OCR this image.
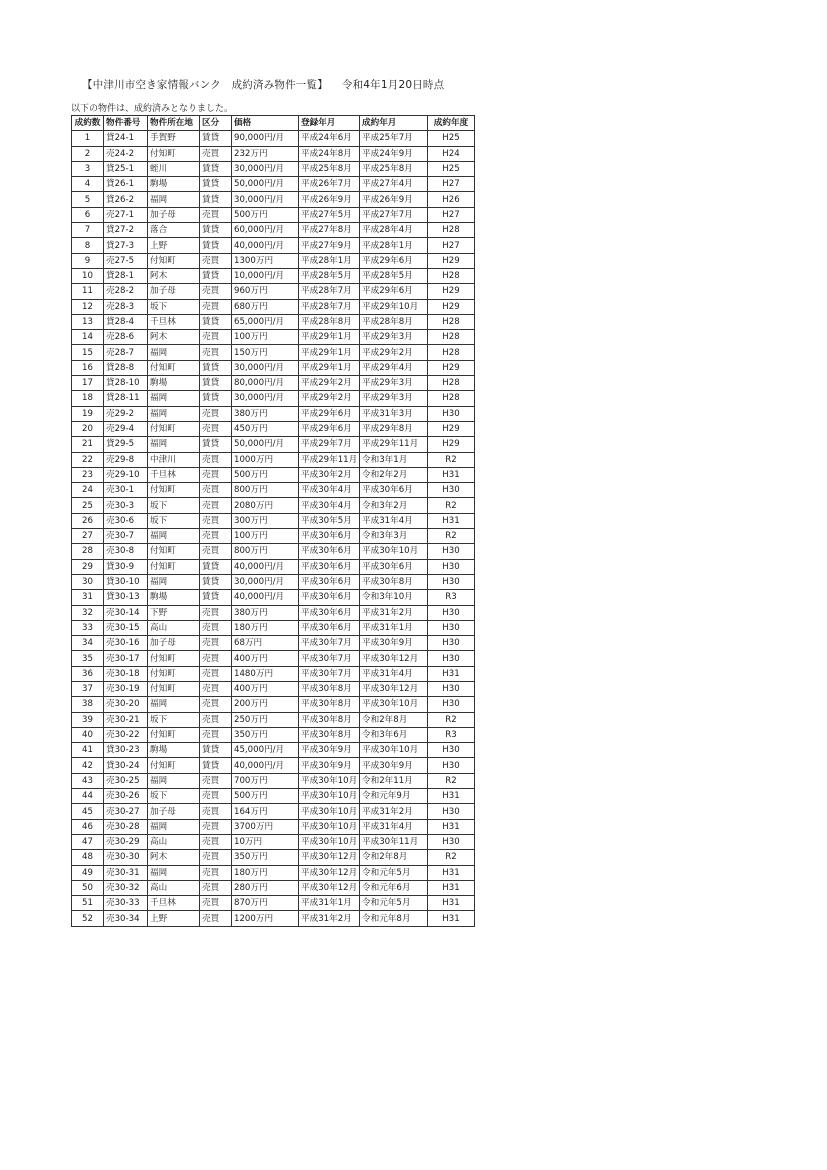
【中津川市空き家情報バンク　成約済み物件一覧】 令和4年1月20日時点
以下の物件は、成約済みとなりました。
成約数	物件番号	物件所在地	区分	価格	登録年月	成約年月	成約年度
1	貸24-1	手賀野	賃貸	90,000円/月	平成24年6月	平成25年7月	H25
2	売24-2	付知町	売買	232万円	平成24年8月	平成24年9月	H24
3	貸25-1	蛭川	賃貸	30,000円/月	平成25年8月	平成25年8月	H25
4	貸26-1	駒場	賃貸	50,000円/月	平成26年7月	平成27年4月	H27
5	貸26-2	福岡	賃貸	30,000円/月	平成26年9月	平成26年9月	H26
6	売27-1	加子母	売買	500万円	平成27年5月	平成27年7月	H27
7	貸27-2	落合	賃貸	60,000円/月	平成27年8月	平成28年4月	H28
8	貸27-3	上野	賃貸	40,000円/月	平成27年9月	平成28年1月	H27
9	売27-5	付知町	売買	1300万円	平成28年1月	平成29年6月	H29
10	貸28-1	阿木	賃貸	10,000円/月	平成28年5月	平成28年5月	H28
11	売28-2	加子母	売買	960万円	平成28年7月	平成29年6月	H29
12	売28-3	坂下	売買	680万円	平成28年7月	平成29年10月	H29
13	貸28-4	千旦林	賃貸	65,000円/月	平成28年8月	平成28年8月	H28
14	売28-6	阿木	売買	100万円	平成29年1月	平成29年3月	H28
15	売28-7	福岡	売買	150万円	平成29年1月	平成29年2月	H28
16	貸28-8	付知町	賃貸	30,000円/月	平成29年1月	平成29年4月	H29
17	貸28-10	駒場	賃貸	80,000円/月	平成29年2月	平成29年3月	H28
18	貸28-11	福岡	賃貸	30,000円/月	平成29年2月	平成29年3月	H28
19	売29-2	福岡	売買	380万円	平成29年6月	平成31年3月	H30
20	売29-4	付知町	売買	450万円	平成29年6月	平成29年8月	H29
21	貸29-5	福岡	賃貸	50,000円/月	平成29年7月	平成29年11月	H29
22	売29-8	中津川	売買	1000万円	平成29年11月	令和3年1月	R2
23	売29-10	千旦林	売買	500万円	平成30年2月	令和2年2月	H31
24	売30-1	付知町	売買	800万円	平成30年4月	平成30年6月	H30
25	売30-3	坂下	売買	2080万円	平成30年4月	令和3年2月	R2
26	売30-6	坂下	売買	300万円	平成30年5月	平成31年4月	H31
27	売30-7	福岡	売買	100万円	平成30年6月	令和3年3月	R2
28	売30-8	付知町	売買	800万円	平成30年6月	平成30年10月	H30
29	貸30-9	付知町	賃貸	40,000円/月	平成30年6月	平成30年6月	H30
30	貸30-10	福岡	賃貸	30,000円/月	平成30年6月	平成30年8月	H30
31	貸30-13	駒場	賃貸	40,000円/月	平成30年6月	令和3年10月	R3
32	売30-14	下野	売買	380万円	平成30年6月	平成31年2月	H30
33	売30-15	高山	売買	180万円	平成30年6月	平成31年1月	H30
34	売30-16	加子母	売買	68万円	平成30年7月	平成30年9月	H30
35	売30-17	付知町	売買	400万円	平成30年7月	平成30年12月	H30
36	売30-18	付知町	売買	1480万円	平成30年7月	平成31年4月	H31
37	売30-19	付知町	売買	400万円	平成30年8月	平成30年12月	H30
38	売30-20	福岡	売買	200万円	平成30年8月	平成30年10月	H30
39	売30-21	坂下	売買	250万円	平成30年8月	令和2年8月	R2
40	売30-22	付知町	売買	350万円	平成30年8月	令和3年6月	R3
41	貸30-23	駒場	賃貸	45,000円/月	平成30年9月	平成30年10月	H30
42	貸30-24	付知町	賃貸	40,000円/月	平成30年9月	平成30年9月	H30
43	売30-25	福岡	売買	700万円	平成30年10月	令和2年11月	R2
44	売30-26	坂下	売買	500万円	平成30年10月	令和元年9月	H31
45	売30-27	加子母	売買	164万円	平成30年10月	平成31年2月	H30
46	売30-28	福岡	売買	3700万円	平成30年10月	平成31年4月	H31
47	売30-29	高山	売買	10万円	平成30年10月	平成30年11月	H30
48	売30-30	阿木	売買	350万円	平成30年12月	令和2年8月	R2
49	売30-31	福岡	売買	180万円	平成30年12月	令和元年5月	H31
50	売30-32	高山	売買	280万円	平成30年12月	令和元年6月	H31
51	売30-33	千旦林	売買	870万円	平成31年1月	令和元年5月	H31
52	売30-34	上野	売買	1200万円	平成31年2月	令和元年8月	H31
